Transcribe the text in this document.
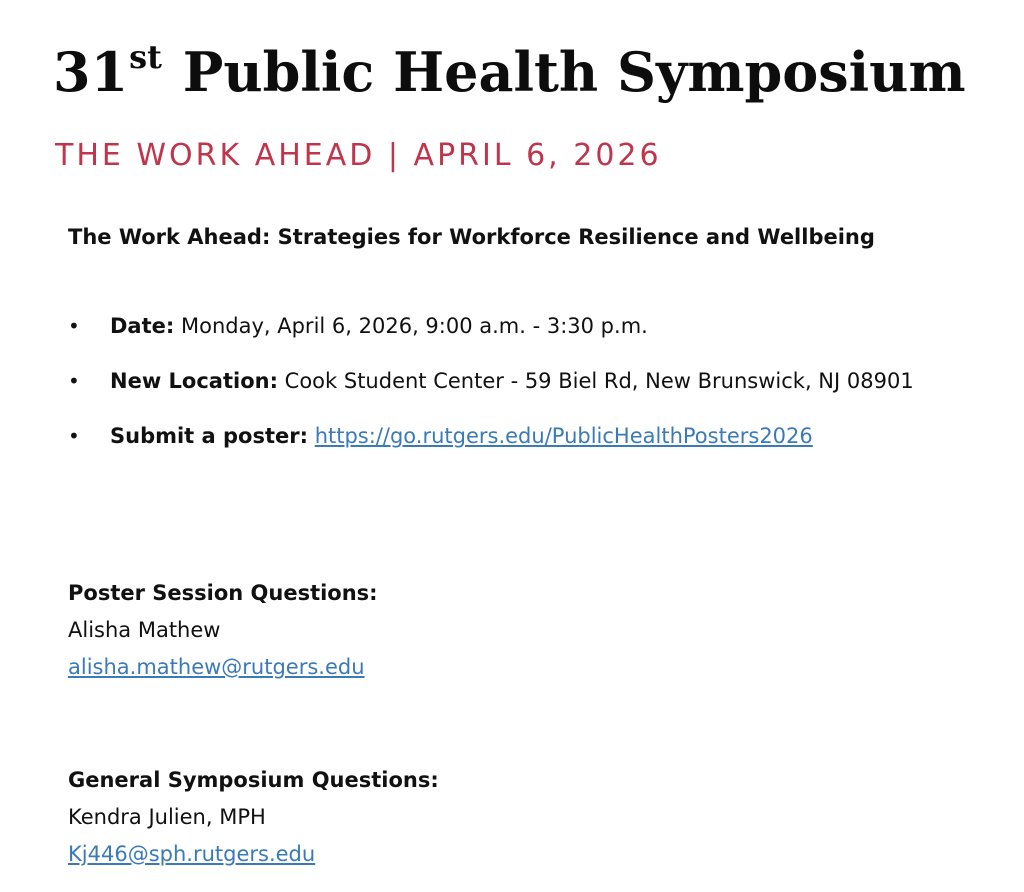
31st Public Health Symposium
THE WORK AHEAD | APRIL 6, 2026
The Work Ahead: Strategies for Workforce Resilience and Wellbeing
• Date: Monday, April 6, 2026, 9:00 a.m. - 3:30 p.m.
• New Location: Cook Student Center - 59 Biel Rd, New Brunswick, NJ 08901
• Submit a poster: https://go.rutgers.edu/PublicHealthPosters2026
Poster Session Questions:
Alisha Mathew
alisha.mathew@rutgers.edu
General Symposium Questions:
Kendra Julien, MPH
Kj446@sph.rutgers.edu
